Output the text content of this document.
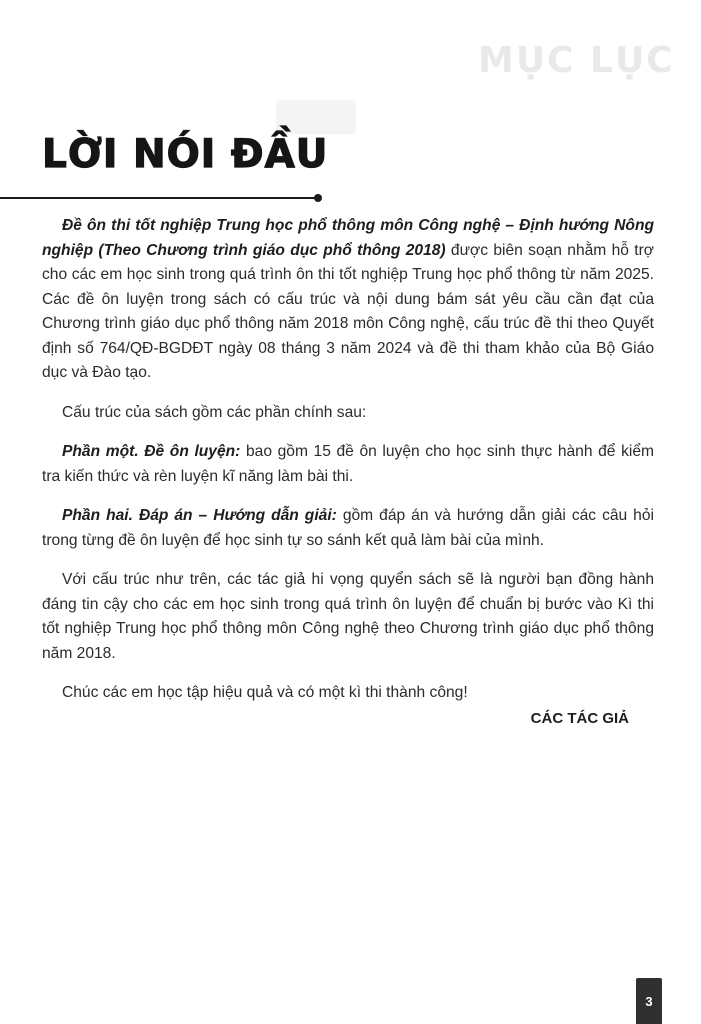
MỤC LỤC
LỜI NÓI ĐẦU

Đề ôn thi tốt nghiệp Trung học phổ thông môn Công nghệ – Định hướng Nông nghiệp (Theo Chương trình giáo dục phổ thông 2018) được biên soạn nhằm hỗ trợ cho các em học sinh trong quá trình ôn thi tốt nghiệp Trung học phổ thông từ năm 2025. Các đề ôn luyện trong sách có cấu trúc và nội dung bám sát yêu cầu cần đạt của Chương trình giáo dục phổ thông năm 2018 môn Công nghệ, cấu trúc đề thi theo Quyết định số 764/QĐ-BGDĐT ngày 08 tháng 3 năm 2024 và đề thi tham khảo của Bộ Giáo dục và Đào tạo.

Cấu trúc của sách gồm các phần chính sau:

Phần một. Đề ôn luyện: bao gồm 15 đề ôn luyện cho học sinh thực hành để kiểm tra kiến thức và rèn luyện kĩ năng làm bài thi.

Phần hai. Đáp án – Hướng dẫn giải: gồm đáp án và hướng dẫn giải các câu hỏi trong từng đề ôn luyện để học sinh tự so sánh kết quả làm bài của mình.

Với cấu trúc như trên, các tác giả hi vọng quyển sách sẽ là người bạn đồng hành đáng tin cậy cho các em học sinh trong quá trình ôn luyện để chuẩn bị bước vào Kì thi tốt nghiệp Trung học phổ thông môn Công nghệ theo Chương trình giáo dục phổ thông năm 2018.

Chúc các em học tập hiệu quả và có một kì thi thành công!

CÁC TÁC GIẢ
3
